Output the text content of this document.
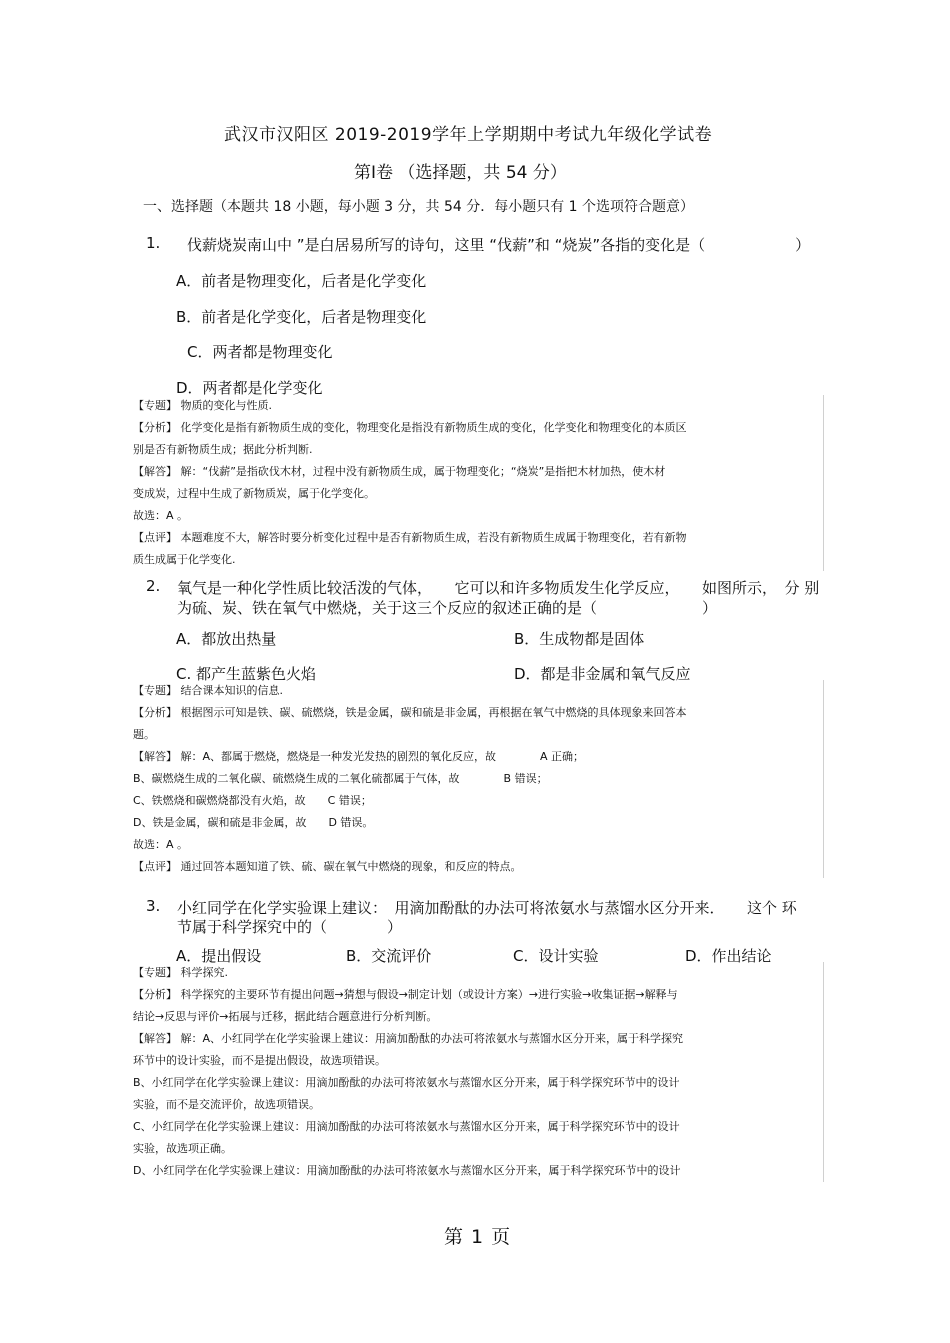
武汉市汉阳区 2019-2019学年上学期期中考试九年级化学试卷
第Ⅰ卷 （选择题，共 54 分）
一、选择题（本题共 18 小题，每小题 3 分，共 54 分．每小题只有 1 个选项符合题意）
1. 伐薪烧炭南山中 ”是白居易所写的诗句，这里 “伐薪”和 “烧炭”各指的变化是（　　　　　　）
A．前者是物理变化，后者是化学变化
B．前者是化学变化，后者是物理变化
C．两者都是物理变化
D．两者都是化学变化
【专题】 物质的变化与性质.
【分析】 化学变化是指有新物质生成的变化，物理变化是指没有新物质生成的变化，化学变化和物理变化的本质区
别是否有新物质生成；据此分析判断.
【解答】 解：“伐薪”是指砍伐木材，过程中没有新物质生成，属于物理变化；“烧炭”是指把木材加热，使木材
变成炭，过程中生成了新物质炭，属于化学变化。
故选：A 。
【点评】 本题难度不大，解答时要分析变化过程中是否有新物质生成，若没有新物质生成属于物理变化，若有新物
质生成属于化学变化.
2. 氧气是一种化学性质比较活泼的气体，　　它可以和许多物质发生化学反应，　　如图所示，　分 别
为硫、炭、铁在氧气中燃烧，关于这三个反应的叙述正确的是（　　　　　　　）
A．都放出热量	B．生成物都是固体
C. 都产生蓝紫色火焰	D．都是非金属和氧气反应
【专题】 结合课本知识的信息.
【分析】 根据图示可知是铁、碳、硫燃烧，铁是金属，碳和硫是非金属，再根据在氧气中燃烧的具体现象来回答本
题。
【解答】 解：A、都属于燃烧，燃烧是一种发光发热的剧烈的氧化反应，故　　　　A 正确；
B、碳燃烧生成的二氧化碳、硫燃烧生成的二氧化硫都属于气体，故　　　　B 错误；
C、铁燃烧和碳燃烧都没有火焰，故　　C 错误；
D、铁是金属，碳和硫是非金属，故　　D 错误。
故选：A 。
【点评】 通过回答本题知道了铁、硫、碳在氧气中燃烧的现象，和反应的特点。
3. 小红同学在化学实验课上建议：　用滴加酚酞的办法可将浓氨水与蒸馏水区分开来．　　这个 环
节属于科学探究中的（　　　　）
A．提出假设	B．交流评价	C．设计实验	D．作出结论
【专题】 科学探究.
【分析】 科学探究的主要环节有提出问题→猜想与假设→制定计划（或设计方案）→进行实验→收集证据→解释与
结论→反思与评价→拓展与迁移，据此结合题意进行分析判断。
【解答】 解：A、小红同学在化学实验课上建议：用滴加酚酞的办法可将浓氨水与蒸馏水区分开来，属于科学探究
环节中的设计实验，而不是提出假设，故选项错误。
B、小红同学在化学实验课上建议：用滴加酚酞的办法可将浓氨水与蒸馏水区分开来，属于科学探究环节中的设计
实验，而不是交流评价，故选项错误。
C、小红同学在化学实验课上建议：用滴加酚酞的办法可将浓氨水与蒸馏水区分开来，属于科学探究环节中的设计
实验，故选项正确。
D、小红同学在化学实验课上建议：用滴加酚酞的办法可将浓氨水与蒸馏水区分开来，属于科学探究环节中的设计
第 1 页
